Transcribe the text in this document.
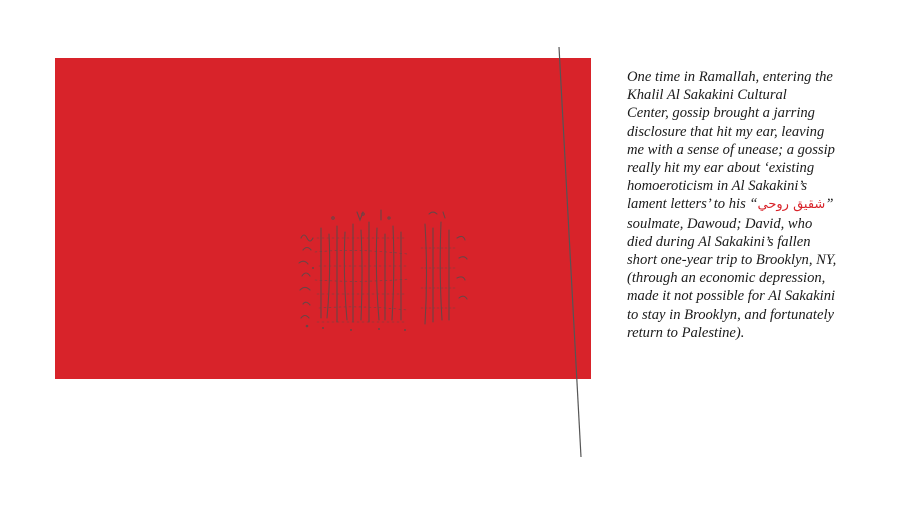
One time in Ramallah, entering the
Khalil Al Sakakini Cultural
Center, gossip brought a jarring
disclosure that hit my ear, leaving
me with a sense of unease; a gossip
really hit my ear about ‘existing
homoeroticism in Al Sakakini’s
lament letters’ to his “شقيق روحي”
soulmate, Dawoud; David, who
died during Al Sakakini’s fallen
short one-year trip to Brooklyn, NY,
(through an economic depression,
made it not possible for Al Sakakini
to stay in Brooklyn, and fortunately
return to Palestine).
